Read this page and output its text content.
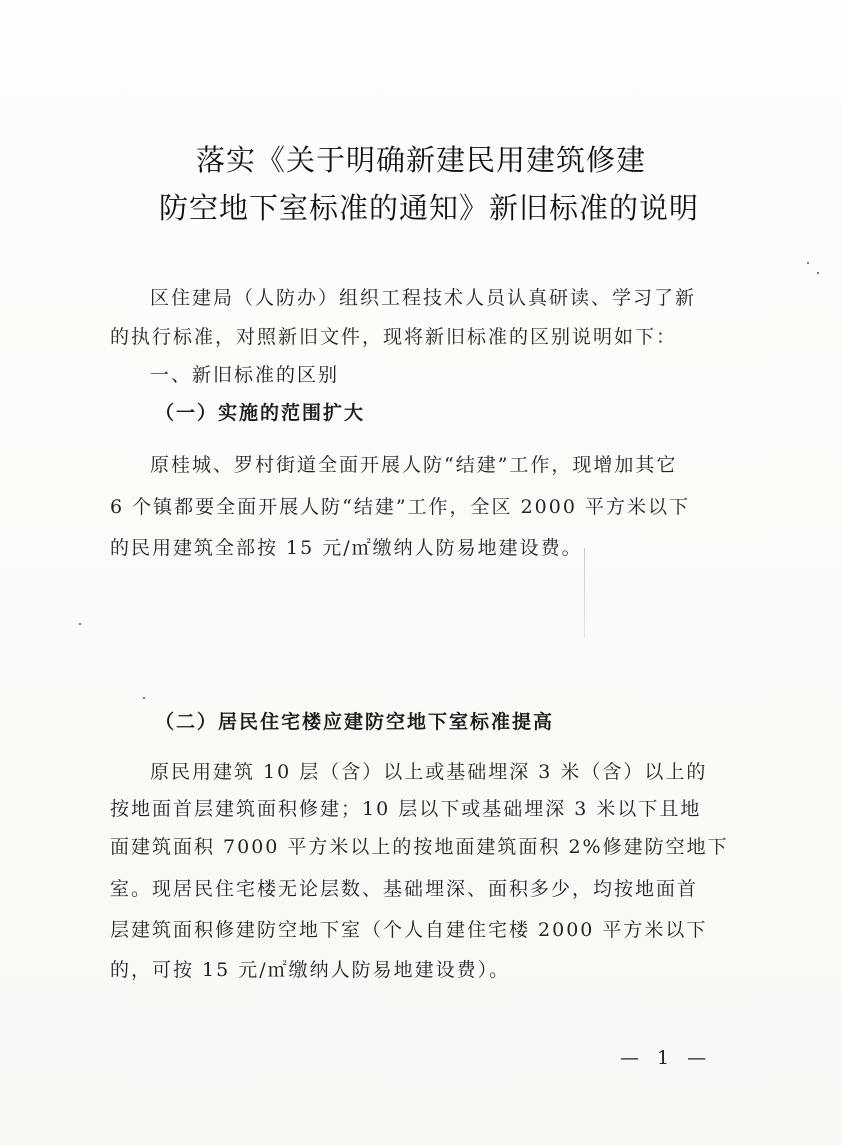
落实《关于明确新建民用建筑修建
防空地下室标准的通知》新旧标准的说明

区住建局（人防办）组织工程技术人员认真研读、学习了新

的执行标准，对照新旧文件，现将新旧标准的区别说明如下：

一、新旧标准的区别

（一）实施的范围扩大

原桂城、罗村街道全面开展人防“结建”工作，现增加其它

6 个镇都要全面开展人防“结建”工作，全区 2000 平方米以下

的民用建筑全部按 15 元/㎡缴纳人防易地建设费。

（二）居民住宅楼应建防空地下室标准提高

原民用建筑 10 层（含）以上或基础埋深 3 米（含）以上的

按地面首层建筑面积修建；10 层以下或基础埋深 3 米以下且地

面建筑面积 7000 平方米以上的按地面建筑面积 2%修建防空地下

室。现居民住宅楼无论层数、基础埋深、面积多少，均按地面首

层建筑面积修建防空地下室（个人自建住宅楼 2000 平方米以下

的，可按 15 元/㎡缴纳人防易地建设费）。

— 1 —
